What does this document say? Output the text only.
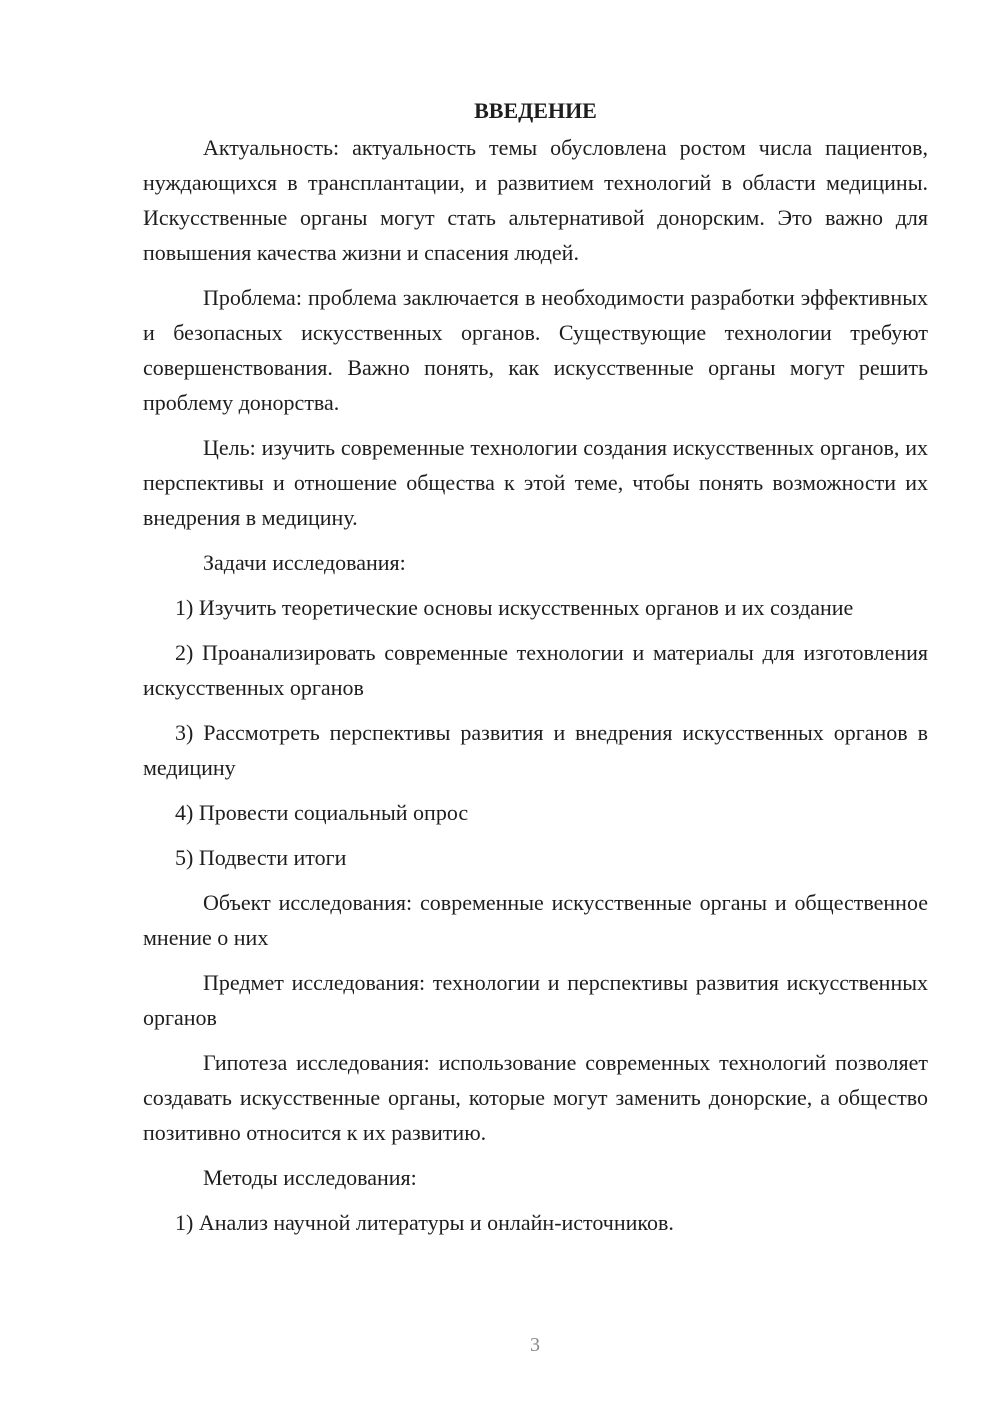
ВВЕДЕНИЕ

Актуальность: актуальность темы обусловлена ростом числа пациентов, нуждающихся в трансплантации, и развитием технологий в области медицины. Искусственные органы могут стать альтернативой донорским. Это важно для повышения качества жизни и спасения людей.

Проблема: проблема заключается в необходимости разработки эффективных и безопасных искусственных органов. Существующие технологии требуют совершенствования. Важно понять, как искусственные органы могут решить проблему донорства.

Цель: изучить современные технологии создания искусственных органов, их перспективы и отношение общества к этой теме, чтобы понять возможности их внедрения в медицину.

Задачи исследования:

1) Изучить теоретические основы искусственных органов и их создание

2) Проанализировать современные технологии и материалы для изготовления искусственных органов

3) Рассмотреть перспективы развития и внедрения искусственных органов в медицину

4) Провести социальный опрос

5) Подвести итоги

Объект исследования: современные искусственные органы и общественное мнение о них

Предмет исследования: технологии и перспективы развития искусственных органов

Гипотеза исследования: использование современных технологий позволяет создавать искусственные органы, которые могут заменить донорские, а общество позитивно относится к их развитию.

Методы исследования:

1) Анализ научной литературы и онлайн-источников.

3
